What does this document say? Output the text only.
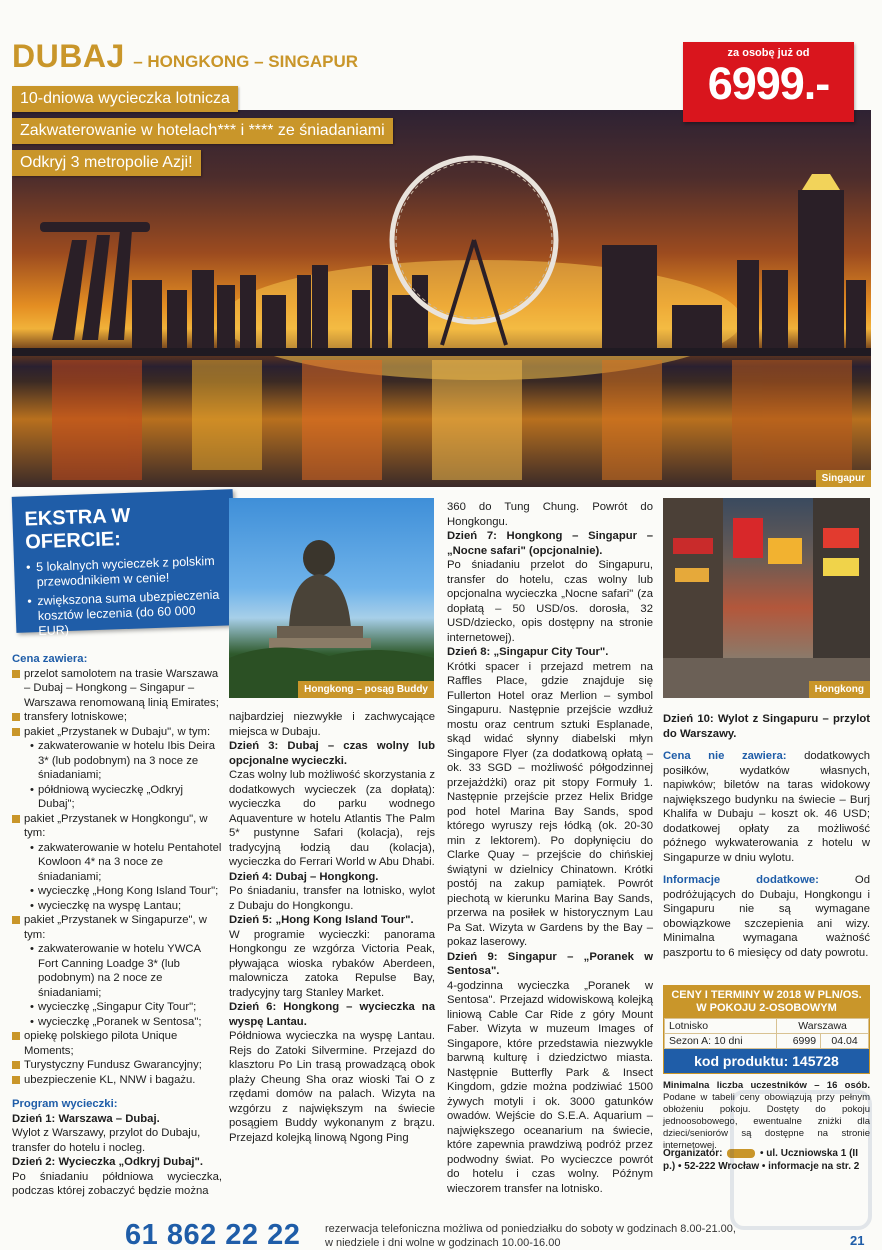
DUBAJ – HONGKONG – SINGAPUR
Singapur
za osobę już od
6999.-
10-dniowa wycieczka lotnicza
Zakwaterowanie w hotelach*** i **** ze śniadaniami
Odkryj 3 metropolie Azji!
EKSTRA W OFERCIE:
• 5 lokalnych wycieczek z polskim przewodnikiem w cenie!
• zwiększona suma ubezpieczenia kosztów leczenia (do 60 000 EUR)
Hongkong – posąg Buddy	Hongkong

Cena zawiera:

przelot samolotem na trasie Warszawa – Dubaj – Hongkong – Singapur – Warszawa renomowaną linią Emirates;
transfery lotniskowe;
pakiet „Przystanek w Dubaju", w tym:
• zakwaterowanie w hotelu Ibis Deira 3* (lub podobnym) na 3 noce ze śniadaniami;
• półdniową wycieczkę „Odkryj Dubaj";
pakiet „Przystanek w Hongkongu", w tym:
• zakwaterowanie w hotelu Pentahotel Kowloon 4* na 3 noce ze śniadaniami;
• wycieczkę „Hong Kong Island Tour";
• wycieczkę na wyspę Lantau;
pakiet „Przystanek w Singapurze", w tym:
• zakwaterowanie w hotelu YWCA Fort Canning Loadge 3* (lub podobnym) na 2 noce ze śniadaniami;
• wycieczkę „Singapur City Tour";
• wycieczkę „Poranek w Sentosa";
opiekę polskiego pilota Unique Moments;
Turystyczny Fundusz Gwarancyjny;
ubezpieczenie KL, NNW i bagażu.

Program wycieczki:

Dzień 1: Warszawa – Dubaj.

Wylot z Warszawy, przylot do Dubaju, transfer do hotelu i nocleg.

Dzień 2: Wycieczka „Odkryj Dubaj".

Po śniadaniu półdniowa wycieczka, podczas której zobaczyć będzie można

najbardziej niezwykłe i zachwycające miejsca w Dubaju.

Dzień 3: Dubaj – czas wolny lub opcjonalne wycieczki.

Czas wolny lub możliwość skorzystania z dodatkowych wycieczek (za dopłatą): wycieczka do parku wodnego Aquaventure w hotelu Atlantis The Palm 5* pustynne Safari (kolacja), rejs tradycyjną łodzią dau (kolacja), wycieczka do Ferrari World w Abu Dhabi.

Dzień 4: Dubaj – Hongkong.

Po śniadaniu, transfer na lotnisko, wylot z Dubaju do Hongkongu.

Dzień 5: „Hong Kong Island Tour".

W programie wycieczki: panorama Hongkongu ze wzgórza Victoria Peak, pływająca wioska rybaków Aberdeen, malownicza zatoka Repulse Bay, tradycyjny targ Stanley Market.

Dzień 6: Hongkong – wycieczka na wyspę Lantau.

Półdniowa wycieczka na wyspę Lantau. Rejs do Zatoki Silvermine. Przejazd do klasztoru Po Lin trasą prowadzącą obok plaży Cheung Sha oraz wioski Tai O z rzędami domów na palach. Wizyta na wzgórzu z największym na świecie posągiem Buddy wykonanym z brązu. Przejazd kolejką linową Ngong Ping

360 do Tung Chung. Powrót do Hongkongu.

Dzień 7: Hongkong – Singapur – „Nocne safari" (opcjonalnie).

Po śniadaniu przelot do Singapuru, transfer do hotelu, czas wolny lub opcjonalna wycieczka „Nocne safari" (za dopłatą – 50 USD/os. dorosła, 32 USD/dziecko, opis dostępny na stronie internetowej).

Dzień 8: „Singapur City Tour".

Krótki spacer i przejazd metrem na Raffles Place, gdzie znajduje się Fullerton Hotel oraz Merlion – symbol Singapuru. Następnie przejście wzdłuż mostu oraz centrum sztuki Esplanade, skąd widać słynny diabelski młyn Singapore Flyer (za dodatkową opłatą – ok. 33 SGD – możliwość półgodzinnej przejażdżki) oraz pit stopy Formuły 1. Następnie przejście przez Helix Bridge pod hotel Marina Bay Sands, spod którego wyruszy rejs łódką (ok. 20-30 min z lektorem). Po dopłynięciu do Clarke Quay – przejście do chińskiej świątyni w dzielnicy Chinatown. Krótki postój na zakup pamiątek. Powrót piechotą w kierunku Marina Bay Sands, przerwa na posiłek w historycznym Lau Pa Sat. Wizyta w Gardens by the Bay – pokaz laserowy.

Dzień 9: Singapur – „Poranek w Sentosa".

4-godzinna wycieczka „Poranek w Sentosa". Przejazd widowiskową kolejką liniową Cable Car Ride z góry Mount Faber. Wizyta w muzeum Images of Singapore, które przedstawia niezwykle barwną kulturę i dziedzictwo miasta. Następnie Butterfly Park & Insect Kingdom, gdzie można podziwiać 1500 żywych motyli i ok. 3000 gatunków owadów. Wejście do S.E.A. Aquarium – największego oceanarium na świecie, które zapewnia prawdziwą podróż przez podwodny świat. Po wycieczce powrót do hotelu i czas wolny. Późnym wieczorem transfer na lotnisko.

Dzień 10: Wylot z Singapuru – przylot do Warszawy.

Cena nie zawiera: dodatkowych posiłków, wydatków własnych, napiwków; biletów na taras widokowy największego budynku na świecie – Burj Khalifa w Dubaju – koszt ok. 46 USD; dodatkowej opłaty za możliwość późnego wykwaterowania z hotelu w Singapurze w dniu wylotu.

Informacje dodatkowe:	Od podróżujących do Dubaju, Hongkongu i Singapuru nie są wymagane obowiązkowe szczepienia ani wizy. Minimalna wymagana ważność paszportu to 6 miesięcy od daty powrotu.

CENY I TERMINY W 2018 W PLN/OS.
W POKOJU 2-OSOBOWYM
Lotnisko	Warszawa	
Sezon A: 10 dni	6999	04.04
kod produktu: 145728
Minimalna liczba uczestników – 16 osób. Podane w tabeli ceny obowiązują przy pełnym obłożeniu pokoju. Dostęty do pokoju jednoosobowego, ewentualne zniżki dla dzieci/seniorów są dostępne na stronie internetowej.
Organizator:	• ul. Uczniowska 1 (II p.) • 52-222 Wrocław • informacje na str. 2
61 862 22 22 rezerwacja telefoniczna możliwa od poniedziałku do soboty w godzinach 8.00-21.00,
w niedziele i dni wolne w godzinach 10.00-16.00	21
